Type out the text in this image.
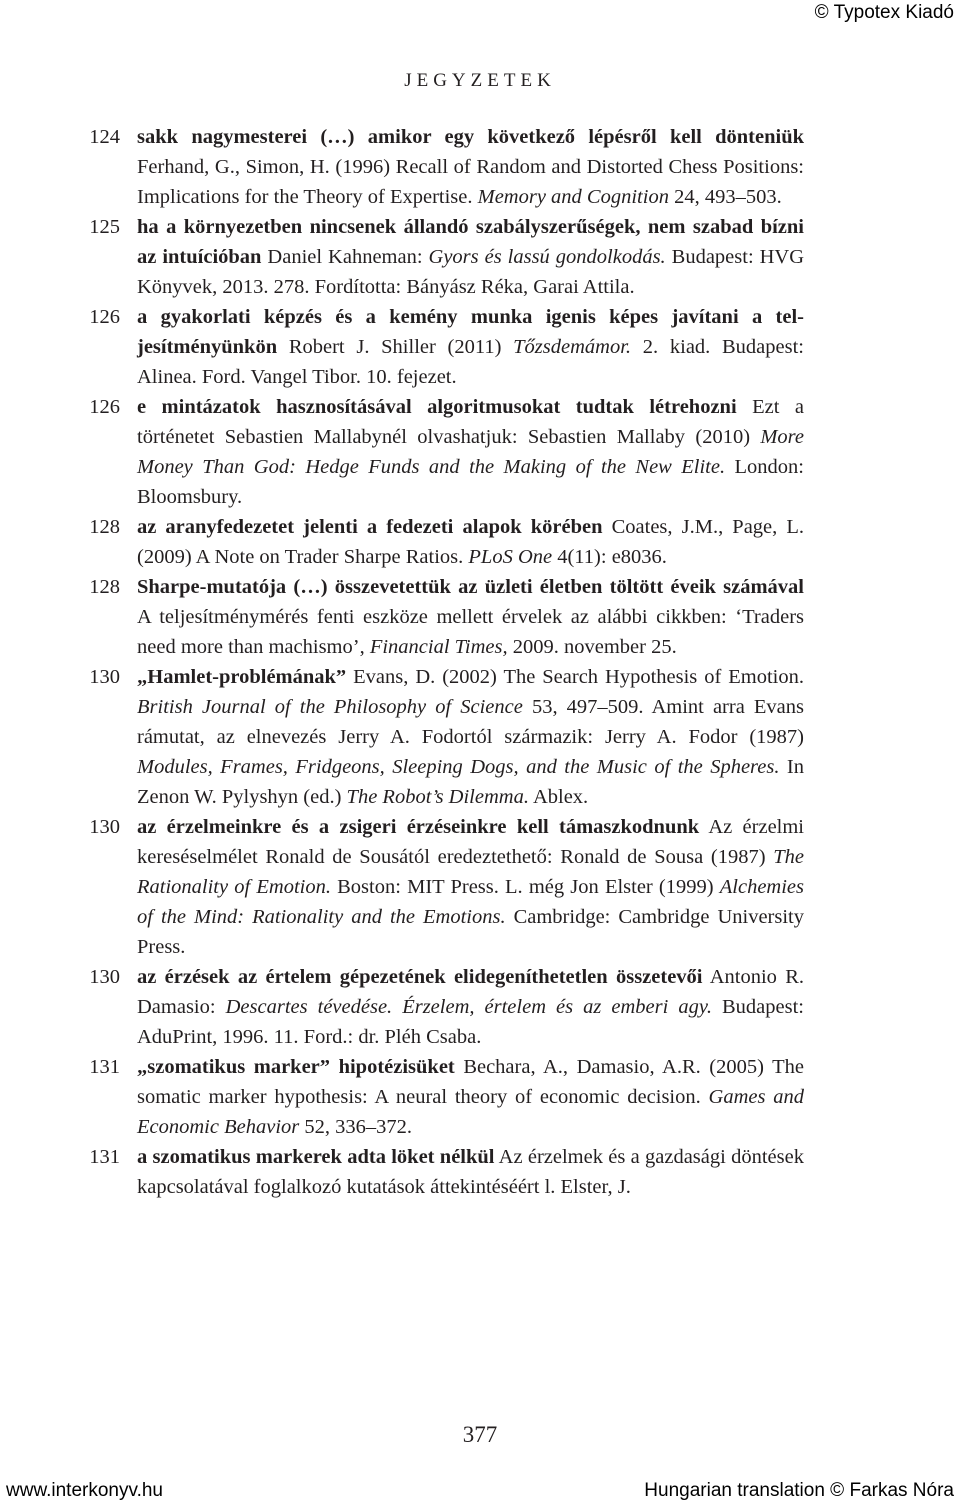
© Typotex Kiadó
JEGYZETEK
124 sakk nagymesterei (…) amikor egy következő lépésről kell dönteniük Ferhand, G., Simon, H. (1996) Recall of Random and Distorted Chess Positions: Implications for the Theory of Expertise. Memory and Cognition 24, 493–503.
125 ha a környezetben nincsenek állandó szabályszerűségek, nem szabad bízni az intuícióban Daniel Kahneman: Gyors és lassú gondolkodás. Budapest: HVG Könyvek, 2013. 278. Fordította: Bányász Réka, Garai Attila.
126 a gyakorlati képzés és a kemény munka igenis képes javítani a teljesítményünkön Robert J. Shiller (2011) Tőzsdemámor. 2. kiad. Budapest: Alinea. Ford. Vangel Tibor. 10. fejezet.
126 e mintázatok hasznosításával algoritmusokat tudtak létrehozni Ezt a történetet Sebastien Mallabynél olvashatjuk: Sebastien Mallaby (2010) More Money Than God: Hedge Funds and the Making of the New Elite. London: Bloomsbury.
128 az aranyfedezetet jelenti a fedezeti alapok körében Coates, J.M., Page, L. (2009) A Note on Trader Sharpe Ratios. PLoS One 4(11): e8036.
128 Sharpe-mutatója (…) összevetettük az üzleti életben töltött éveik számával A teljesítménymérés fenti eszköze mellett érvelek az alábbi cikkben: ‘Traders need more than machismo’, Financial Times, 2009. november 25.
130 „Hamlet-problémának” Evans, D. (2002) The Search Hypothesis of Emotion. British Journal of the Philosophy of Science 53, 497–509. Amint arra Evans rámutat, az elnevezés Jerry A. Fodortól származik: Jerry A. Fodor (1987) Modules, Frames, Fridgeons, Sleeping Dogs, and the Music of the Spheres. In Zenon W. Pylyshyn (ed.) The Robot’s Dilemma. Ablex.
130 az érzelmeinkre és a zsigeri érzéseinkre kell támaszkodnunk Az érzelmi kereséselmélet Ronald de Sousától eredeztethető: Ronald de Sousa (1987) The Rationality of Emotion. Boston: MIT Press. L. még Jon Elster (1999) Alchemies of the Mind: Rationality and the Emotions. Cambridge: Cambridge University Press.
130 az érzések az értelem gépezetének elidegeníthetetlen összetevői Antonio R. Damasio: Descartes tévedése. Érzelem, értelem és az emberi agy. Budapest: AduPrint, 1996. 11. Ford.: dr. Pléh Csaba.
131 „szomatikus marker” hipotézisüket Bechara, A., Damasio, A.R. (2005) The somatic marker hypothesis: A neural theory of economic decision. Games and Economic Behavior 52, 336–372.
131 a szomatikus markerek adta löket nélkül Az érzelmek és a gazdasági döntések kapcsolatával foglalkozó kutatások áttekintéséért l. Elster, J.
377
www.interkonyv.hu	Hungarian translation © Farkas Nóra
